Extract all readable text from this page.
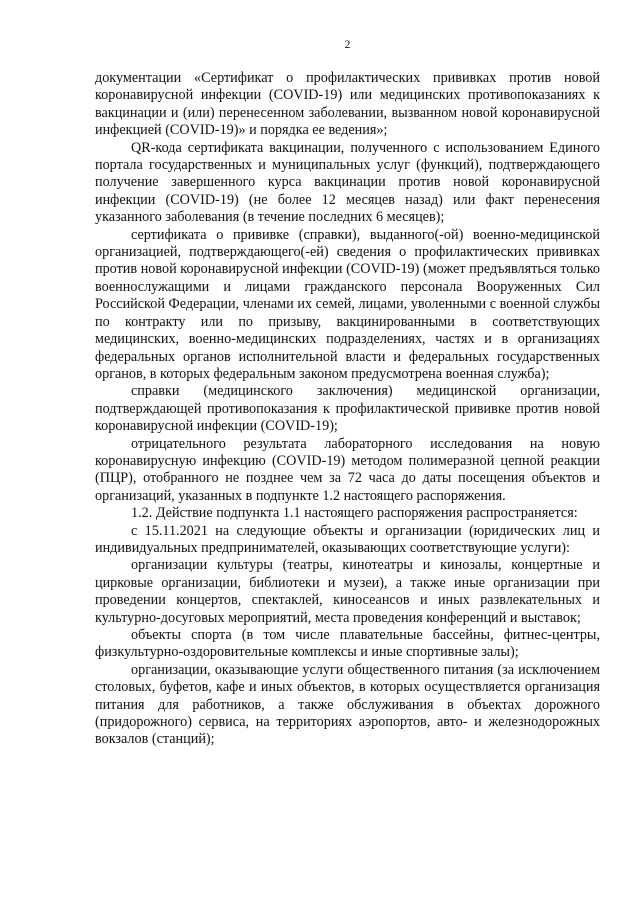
2

документации «Сертификат о профилактических прививках против новой коронавирусной инфекции (COVID-19) или медицинских противопоказаниях к вакцинации и (или) перенесенном заболевании, вызванном новой коронавирусной инфекцией (COVID-19)» и порядка ее ведения»;

QR-кода сертификата вакцинации, полученного с использованием Единого портала государственных и муниципальных услуг (функций), подтверждающего получение завершенного курса вакцинации против новой коронавирусной инфекции (COVID-19) (не более 12 месяцев назад) или факт перенесения указанного заболевания (в течение последних 6 месяцев);

сертификата о прививке (справки), выданного(-ой) военно-медицинской организацией, подтверждающего(-ей) сведения о профилактических прививках против новой коронавирусной инфекции (COVID-19) (может предъявляться только военнослужащими и лицами гражданского персонала Вооруженных Сил Российской Федерации, членами их семей, лицами, уволенными с военной службы по контракту или по призыву, вакцинированными в соответствующих медицинских, военно-медицинских подразделениях, частях и в организациях федеральных органов исполнительной власти и федеральных государственных органов, в которых федеральным законом предусмотрена военная служба);

справки (медицинского заключения) медицинской организации, подтверждающей противопоказания к профилактической прививке против новой коронавирусной инфекции (COVID-19);

отрицательного результата лабораторного исследования на новую коронавирусную инфекцию (COVID-19) методом полимеразной цепной реакции (ПЦР), отобранного не позднее чем за 72 часа до даты посещения объектов и организаций, указанных в подпункте 1.2 настоящего распоряжения.

1.2. Действие подпункта 1.1 настоящего распоряжения распространяется:

с 15.11.2021 на следующие объекты и организации (юридических лиц и индивидуальных предпринимателей, оказывающих соответствующие услуги):

организации культуры (театры, кинотеатры и кинозалы, концертные и цирковые организации, библиотеки и музеи), а также иные организации при проведении концертов, спектаклей, киносеансов и иных развлекательных и культурно-досуговых мероприятий, места проведения конференций и выставок;

объекты спорта (в том числе плавательные бассейны, фитнес-центры, физкультурно-оздоровительные комплексы и иные спортивные залы);

организации, оказывающие услуги общественного питания (за исключением столовых, буфетов, кафе и иных объектов, в которых осуществляется организация питания для работников, а также обслуживания в объектах дорожного (придорожного) сервиса, на территориях аэропортов, авто- и железнодорожных вокзалов (станций);
